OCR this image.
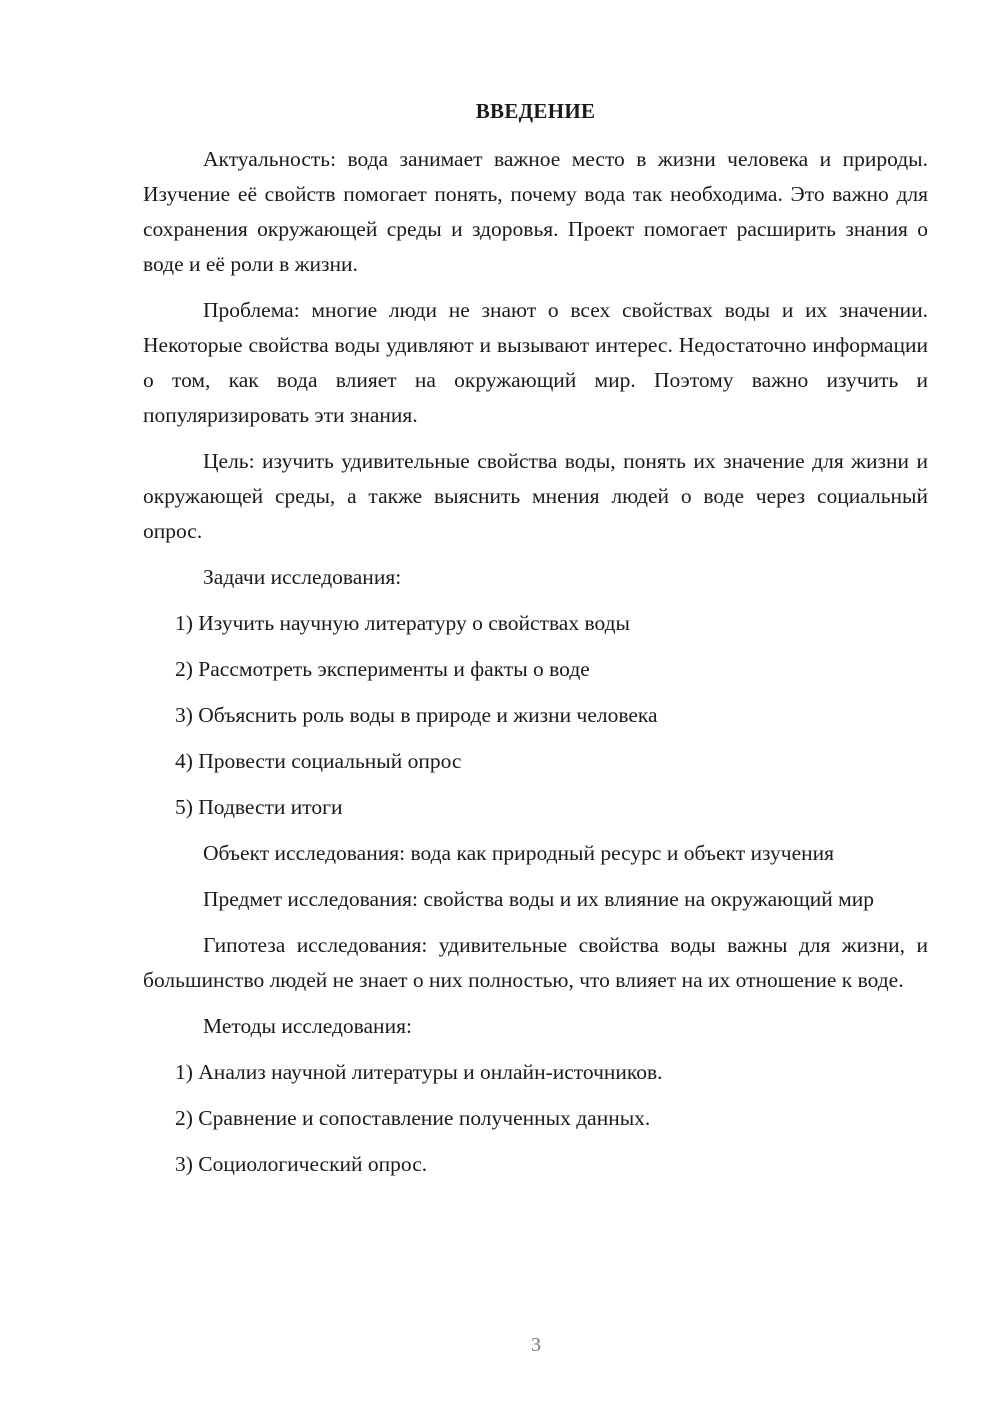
ВВЕДЕНИЕ

Актуальность: вода занимает важное место в жизни человека и природы. Изучение её свойств помогает понять, почему вода так необходима. Это важно для сохранения окружающей среды и здоровья. Проект помогает расширить знания о воде и её роли в жизни.

Проблема: многие люди не знают о всех свойствах воды и их значении. Некоторые свойства воды удивляют и вызывают интерес. Недостаточно информации о том, как вода влияет на окружающий мир. Поэтому важно изучить и популяризировать эти знания.

Цель: изучить удивительные свойства воды, понять их значение для жизни и окружающей среды, а также выяснить мнения людей о воде через социальный опрос.

Задачи исследования:

1) Изучить научную литературу о свойствах воды

2) Рассмотреть эксперименты и факты о воде

3) Объяснить роль воды в природе и жизни человека

4) Провести социальный опрос

5) Подвести итоги

Объект исследования: вода как природный ресурс и объект изучения

Предмет исследования: свойства воды и их влияние на окружающий мир

Гипотеза исследования: удивительные свойства воды важны для жизни, и большинство людей не знает о них полностью, что влияет на их отношение к воде.

Методы исследования:

1) Анализ научной литературы и онлайн-источников.

2) Сравнение и сопоставление полученных данных.

3) Социологический опрос.

3
